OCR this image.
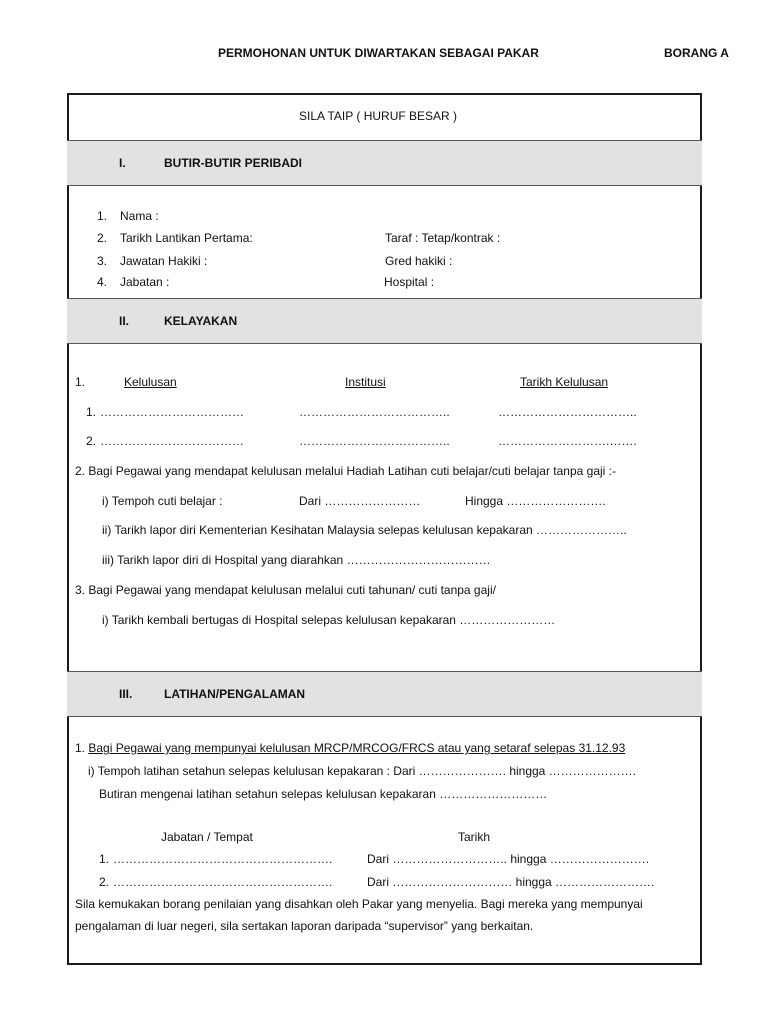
PERMOHONAN UNTUK DIWARTAKAN SEBAGAI PAKAR	BORANG A
SILA TAIP ( HURUF BESAR )
I.	BUTIR-BUTIR PERIBADI
1. Nama :
2. Tarikh Lantikan Pertama:	Taraf : Tetap/kontrak :
3. Jawatan Hakiki :	Gred hakiki :
4. Jabatan :	Hospital :
II.	KELAYAKAN
1.	Kelulusan	Institusi	Tarikh Kelulusan
1. ………………………………	………………………………..	……………………………..
2. ………………………………	………………………………..	……………………….…….
2. Bagi Pegawai yang mendapat kelulusan melalui Hadiah Latihan cuti belajar/cuti belajar tanpa gaji :-
i) Tempoh cuti belajar :	Dari ……………………	Hingga …………………….
ii) Tarikh lapor diri Kementerian Kesihatan Malaysia selepas kelulusan kepakaran …………………..
iii) Tarikh lapor diri di Hospital yang diarahkan ………………………………
3. Bagi Pegawai yang mendapat kelulusan melalui cuti tahunan/ cuti tanpa gaji/
i) Tarikh kembali bertugas di Hospital selepas kelulusan kepakaran ……………………
III.	LATIHAN/PENGALAMAN
1. Bagi Pegawai yang mempunyai kelulusan MRCP/MRCOG/FRCS atau yang setaraf selepas 31.12.93
i) Tempoh latihan setahun selepas kelulusan kepakaran : Dari …………………. hingga ………………….
Butiran mengenai latihan setahun selepas kelulusan kepakaran ………………………
Jabatan / Tempat	Tarikh
1. ……………………………………………….	Dari ……………………….. hingga …………………….
2. ……………………………………………….	Dari ………………………… hingga …………………….
Sila kemukakan borang penilaian yang disahkan oleh Pakar yang menyelia. Bagi mereka yang mempunyai
pengalaman di luar negeri, sila sertakan laporan daripada “supervisor” yang berkaitan.
